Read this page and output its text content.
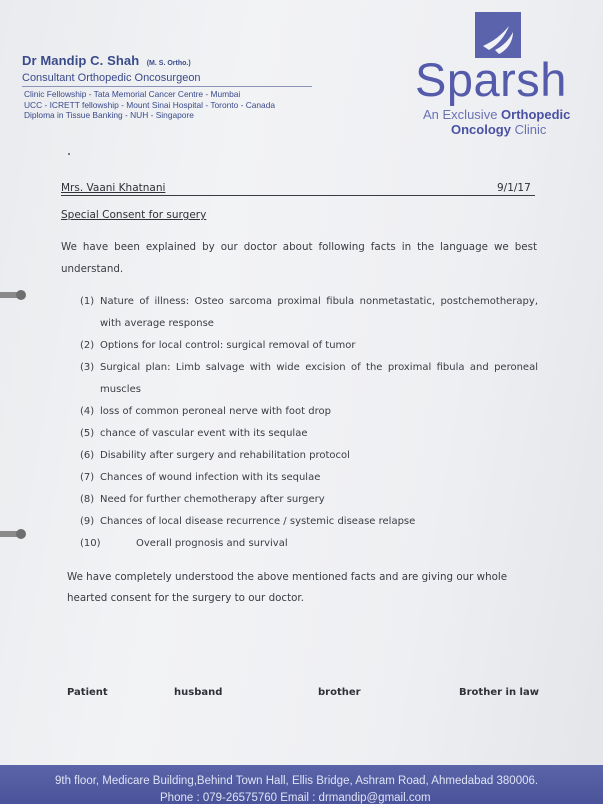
Dr Mandip C. Shah (M. S. Ortho.)
Consultant Orthopedic Oncosurgeon
Clinic Fellowship - Tata Memorial Cancer Centre - Mumbai
UCC - ICRETT fellowship - Mount Sinai Hospital - Toronto - Canada
Diploma in Tissue Banking - NUH - Singapore
Sparsh
An Exclusive Orthopedic
Oncology Clinic
Mrs. Vaani Khatnani	9/1/17
Special Consent for surgery
We have been explained by our doctor about following facts in the language we best understand.
(1) Nature of illness: Osteo sarcoma proximal fibula nonmetastatic, postchemotherapy, with average response
(2) Options for local control: surgical removal of tumor
(3) Surgical plan: Limb salvage with wide excision of the proximal fibula and peroneal muscles
(4) loss of common peroneal nerve with foot drop
(5) chance of vascular event with its sequlae
(6) Disability after surgery and rehabilitation protocol
(7) Chances of wound infection with its sequlae
(8) Need for further chemotherapy after surgery
(9) Chances of local disease recurrence / systemic disease relapse
(10)	Overall prognosis and survival
We have completely understood the above mentioned facts and are giving our whole hearted consent for the surgery to our doctor.
Patient	husband	brother	Brother in law
9th floor, Medicare Building,Behind Town Hall, Ellis Bridge, Ashram Road, Ahmedabad 380006.
Phone : 079-26575760 Email : drmandip@gmail.com
